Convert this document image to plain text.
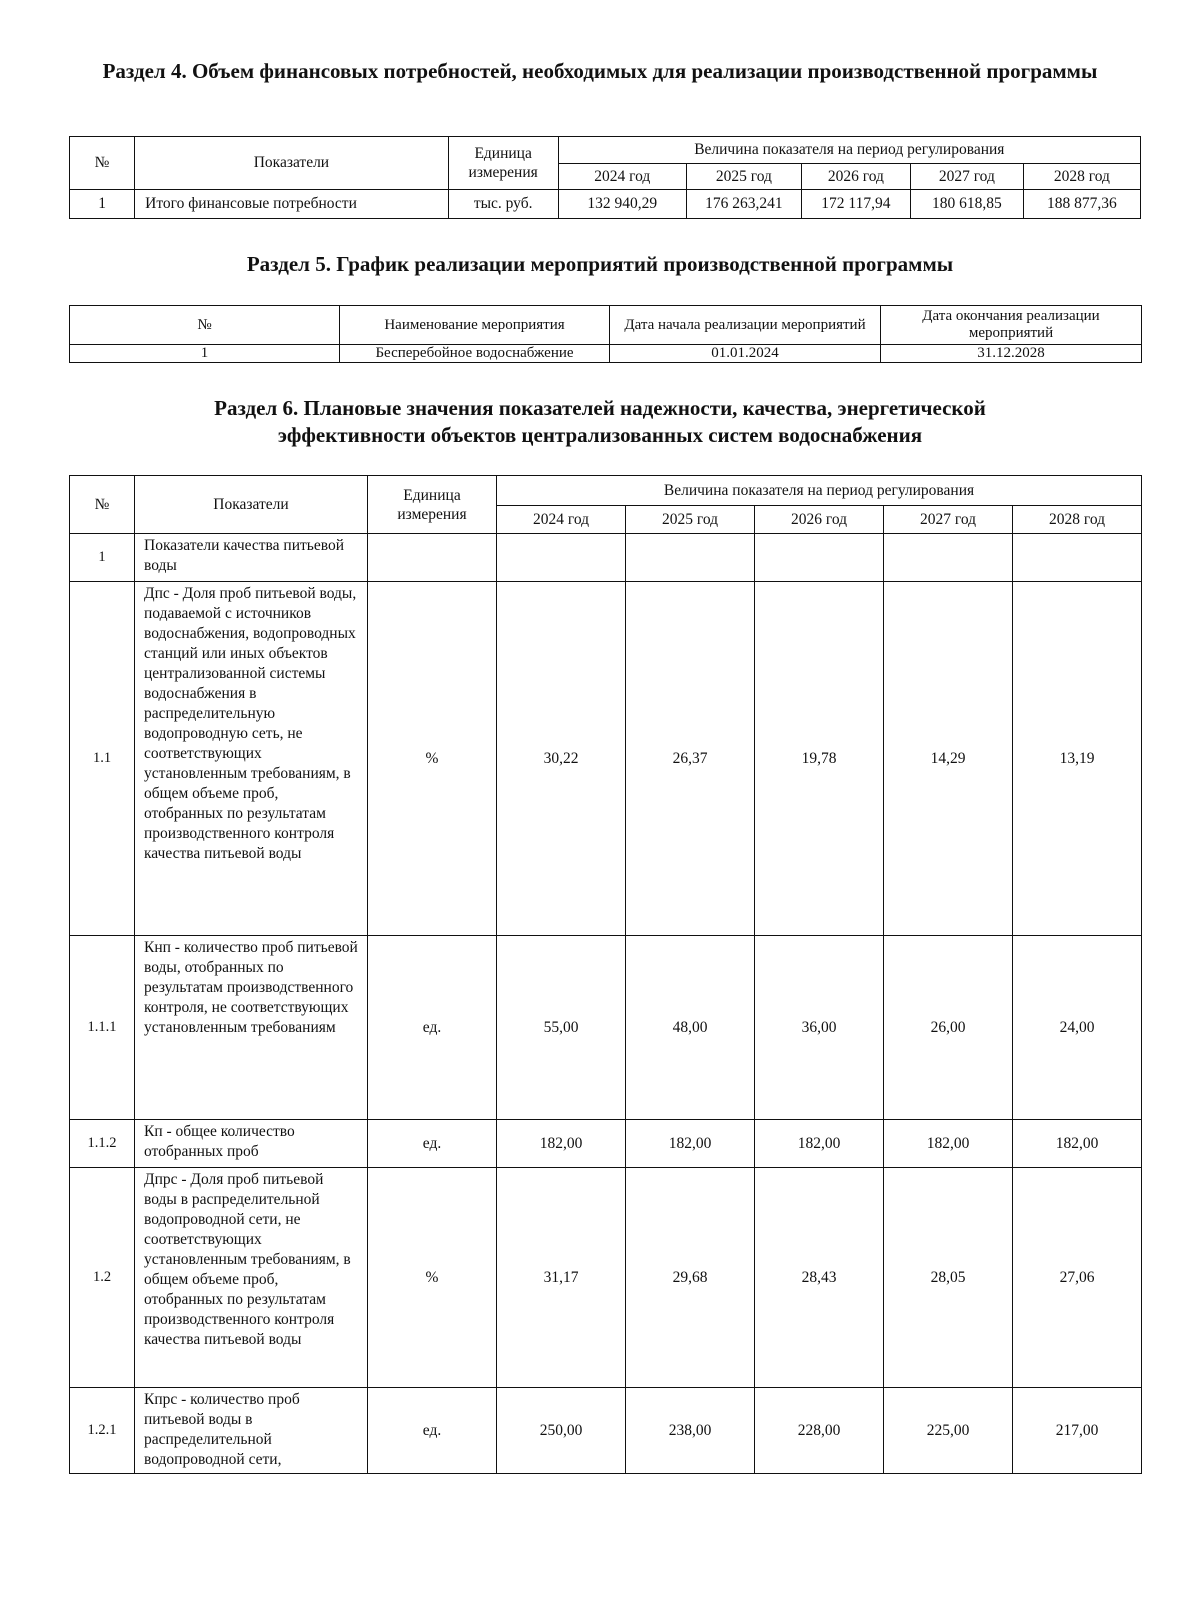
Раздел 4. Объем финансовых потребностей, необходимых для реализации производственной программы
№	Показатели	Единица измерения	Величина показателя на период регулирования				
			2024 год	2025 год	2026 год	2027 год	2028 год
1	Итого финансовые потребности	тыс. руб.	132 940,29	176 263,241	172 117,94	180 618,85	188 877,36
Раздел 5. График реализации мероприятий производственной программы
№	Наименование мероприятия	Дата начала реализации мероприятий	Дата окончания реализации мероприятий
1	Бесперебойное водоснабжение	01.01.2024	31.12.2028
Раздел 6. Плановые значения показателей надежности, качества, энергетической
эффективности объектов централизованных систем водоснабжения
№	Показатели	Единица измерения	Величина показателя на период регулирования				
			2024 год	2025 год	2026 год	2027 год	2028 год
1	Показатели качества питьевой воды						
1.1	Дпс - Доля проб питьевой воды, подаваемой с источников водоснабжения, водопроводных станций или иных объектов централизованной системы водоснабжения в распределительную водопроводную сеть, не соответствующих установленным требованиям, в общем объеме проб, отобранных по результатам производственного контроля качества питьевой воды	%	30,22	26,37	19,78	14,29	13,19
1.1.1	Кнп - количество проб питьевой воды, отобранных по результатам производственного контроля, не соответствующих установленным требованиям	ед.	55,00	48,00	36,00	26,00	24,00
1.1.2	Кп - общее количество отобранных проб	ед.	182,00	182,00	182,00	182,00	182,00
1.2	Дпрс - Доля проб питьевой воды в распределительной водопроводной сети, не соответствующих установленным требованиям, в общем объеме проб, отобранных по результатам производственного контроля качества питьевой воды	%	31,17	29,68	28,43	28,05	27,06
1.2.1	Кпрс - количество проб питьевой воды в распределительной водопроводной сети,	ед.	250,00	238,00	228,00	225,00	217,00
